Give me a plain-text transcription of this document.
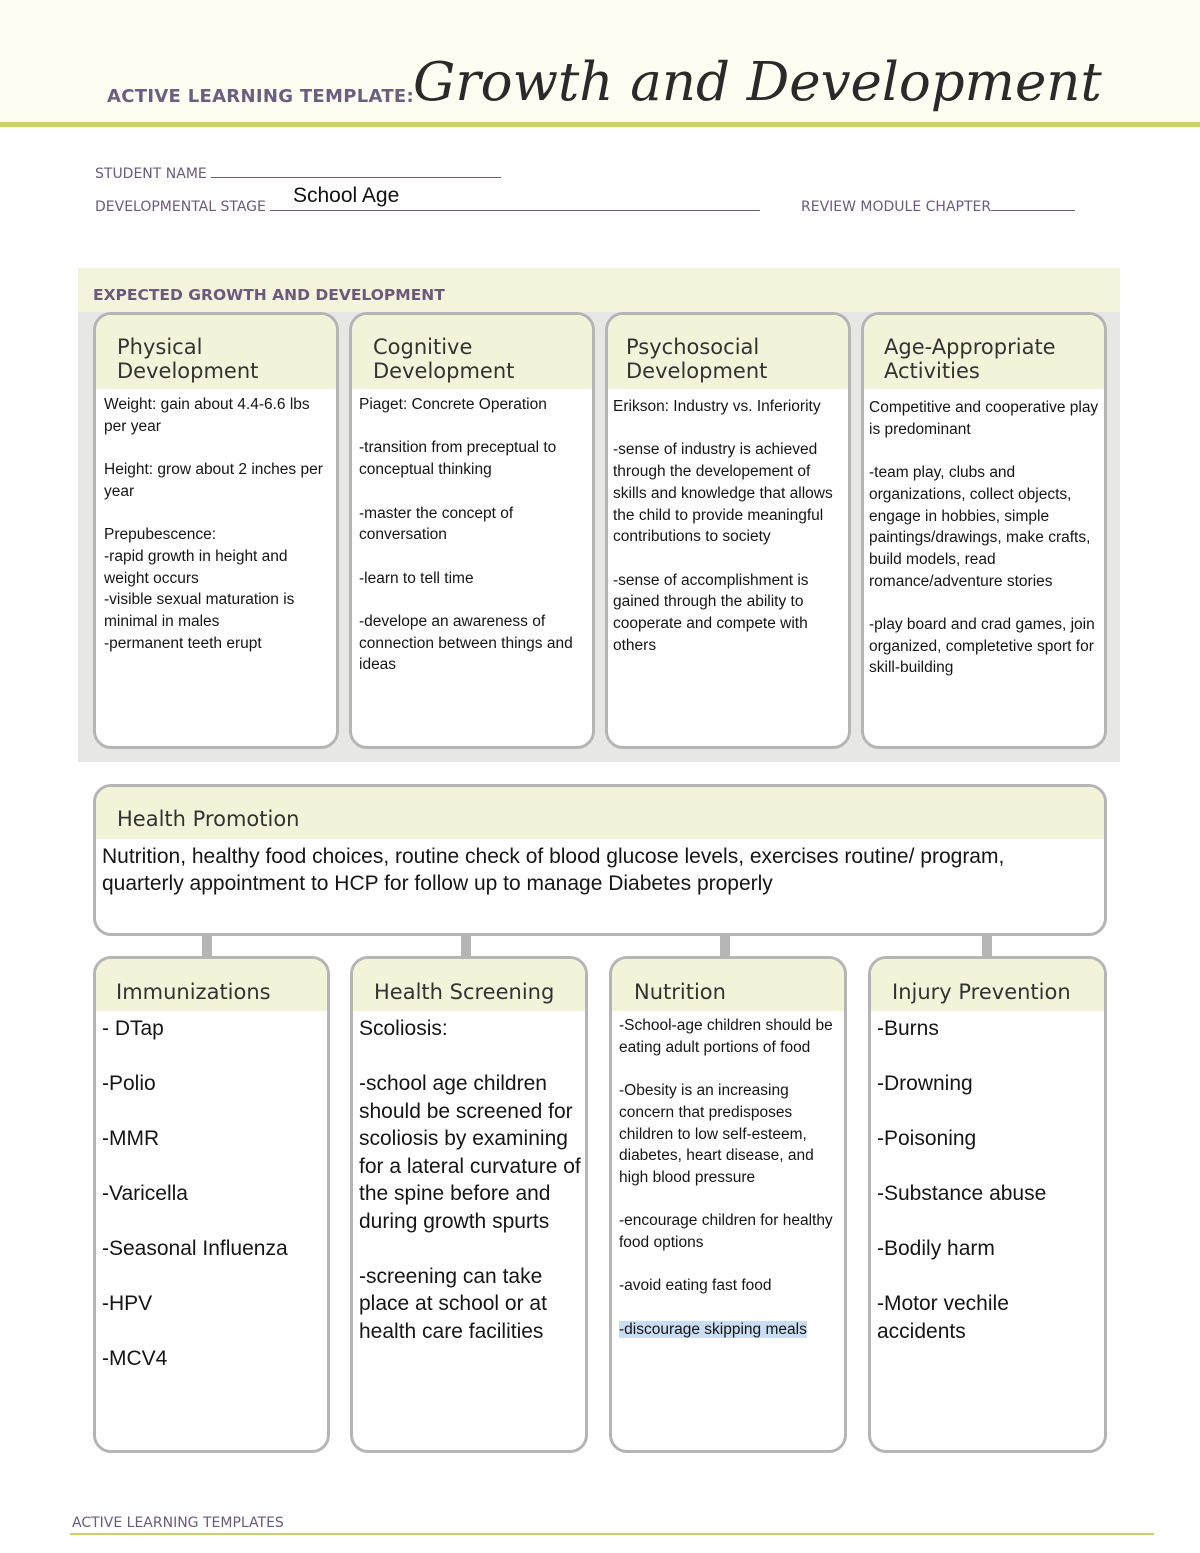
ACTIVE LEARNING TEMPLATE: Growth and Development
STUDENT NAME
DEVELOPMENTAL STAGE	School Age	REVIEW MODULE CHAPTER
EXPECTED GROWTH AND DEVELOPMENT
Physical
Development
Weight: gain about 4.4-6.6 lbs per year

Height: grow about 2 inches per year

Prepubescence:
-rapid growth in height and weight occurs
-visible sexual maturation is minimal in males
-permanent teeth erupt
Cognitive
Development
Piaget: Concrete Operation

-transition from preceptual to conceptual thinking

-master the concept of conversation

-learn to tell time

-develope an awareness of connection between things and ideas
Psychosocial
Development
Erikson: Industry vs. Inferiority

-sense of industry is achieved through the developement of skills and knowledge that allows the child to provide meaningful contributions to society

-sense of accomplishment is gained through the ability to cooperate and compete with others
Age-Appropriate
Activities
Competitive and cooperative play is predominant

-team play, clubs and organizations, collect objects, engage in hobbies, simple paintings/drawings, make crafts, build models, read romance/adventure stories

-play board and crad games, join organized, completetive sport for skill-building
Health Promotion
Nutrition, healthy food choices, routine check of blood glucose levels, exercises routine/ program, quarterly appointment to HCP for follow up to manage Diabetes properly
Immunizations
- DTap

-Polio

-MMR

-Varicella

-Seasonal Influenza

-HPV

-MCV4
Health Screening
Scoliosis:

-school age children should be screened for scoliosis by examining for a lateral curvature of the spine before and during growth spurts

-screening can take place at school or at health care facilities
Nutrition
-School-age children should be eating adult portions of food

-Obesity is an increasing concern that predisposes children to low self-esteem, diabetes, heart disease, and high blood pressure

-encourage children for healthy food options

-avoid eating fast food

-discourage skipping meals
Injury Prevention
-Burns

-Drowning

-Poisoning

-Substance abuse

-Bodily harm

-Motor vechile accidents
ACTIVE LEARNING TEMPLATES
